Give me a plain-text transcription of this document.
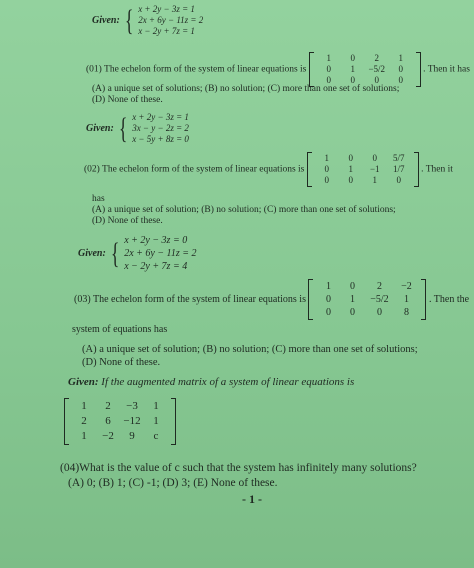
Given: { x + 2y − 3z = 1
2x + 6y − 11z = 2
x − 2y + 7z = 1
(01) The echelon form of the system of linear equations is
1	0	2	1
0	1	−5/2	0
0	0	0	0
. Then it has
(A) a unique set of solutions; (B) no solution; (C) more than one set of solutions;
(D) None of these.
Given: { x + 2y − 3z = 1
3x − y − 2z = 2
x − 5y + 8z = 0
(02) The echelon form of the system of linear equations is
1	0	0	5/7
0	1	−1	1/7
0	0	1	0
. Then it
has
(A) a unique set of solution; (B) no solution; (C) more than one set of solutions;
(D) None of these.
Given: { x + 2y − 3z = 0
2x + 6y − 11z = 2
x − 2y + 7z = 4
(03) The echelon form of the system of linear equations is
1	0	2	−2
0	1	−5/2	1
0	0	0	8
. Then the
system of equations has
(A) a unique set of solution; (B) no solution; (C) more than one set of solutions;
(D) None of these.
Given: If the augmented matrix of a system of linear equations is
1	2	−3	1
2	6	−12	1
1	−2	9	c
(04)What is the value of c such that the system has infinitely many solutions?
(A) 0; (B) 1; (C) -1; (D) 3; (E) None of these.
- 1 -
